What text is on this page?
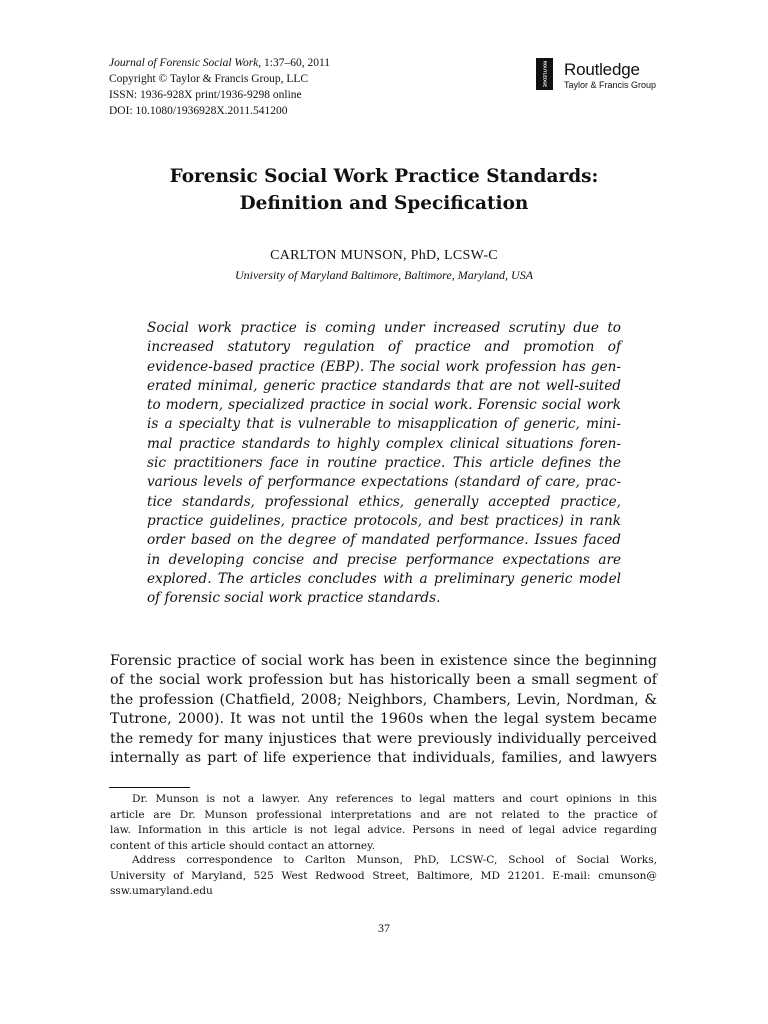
Journal of Forensic Social Work, 1:37–60, 2011
Copyright © Taylor & Francis Group, LLC
ISSN: 1936-928X print/1936-9298 online
DOI: 10.1080/1936928X.2011.541200
ROUTLEDGE Routledge
Taylor & Francis Group
Forensic Social Work Practice Standards:
Definition and Specification
CARLTON MUNSON, PhD, LCSW-C
University of Maryland Baltimore, Baltimore, Maryland, USA
Social work practice is coming under increased scrutiny due to
increased statutory regulation of practice and promotion of
evidence-based practice (EBP). The social work profession has gen-
erated minimal, generic practice standards that are not well-suited
to modern, specialized practice in social work. Forensic social work
is a specialty that is vulnerable to misapplication of generic, mini-
mal practice standards to highly complex clinical situations foren-
sic practitioners face in routine practice. This article defines the
various levels of performance expectations (standard of care, prac-
tice standards, professional ethics, generally accepted practice,
practice guidelines, practice protocols, and best practices) in rank
order based on the degree of mandated performance. Issues faced
in developing concise and precise performance expectations are
explored. The articles concludes with a preliminary generic model
of forensic social work practice standards.
Forensic practice of social work has been in existence since the beginning
of the social work profession but has historically been a small segment of
the profession (Chatfield, 2008; Neighbors, Chambers, Levin, Nordman, &
Tutrone, 2000). It was not until the 1960s when the legal system became
the remedy for many injustices that were previously individually perceived
internally as part of life experience that individuals, families, and lawyers
Dr. Munson is not a lawyer. Any references to legal matters and court opinions in this
article are Dr. Munson professional interpretations and are not related to the practice of
law. Information in this article is not legal advice. Persons in need of legal advice regarding
content of this article should contact an attorney.
Address correspondence to Carlton Munson, PhD, LCSW-C, School of Social Works,
University of Maryland, 525 West Redwood Street, Baltimore, MD 21201. E-mail: cmunson@
ssw.umaryland.edu
37
